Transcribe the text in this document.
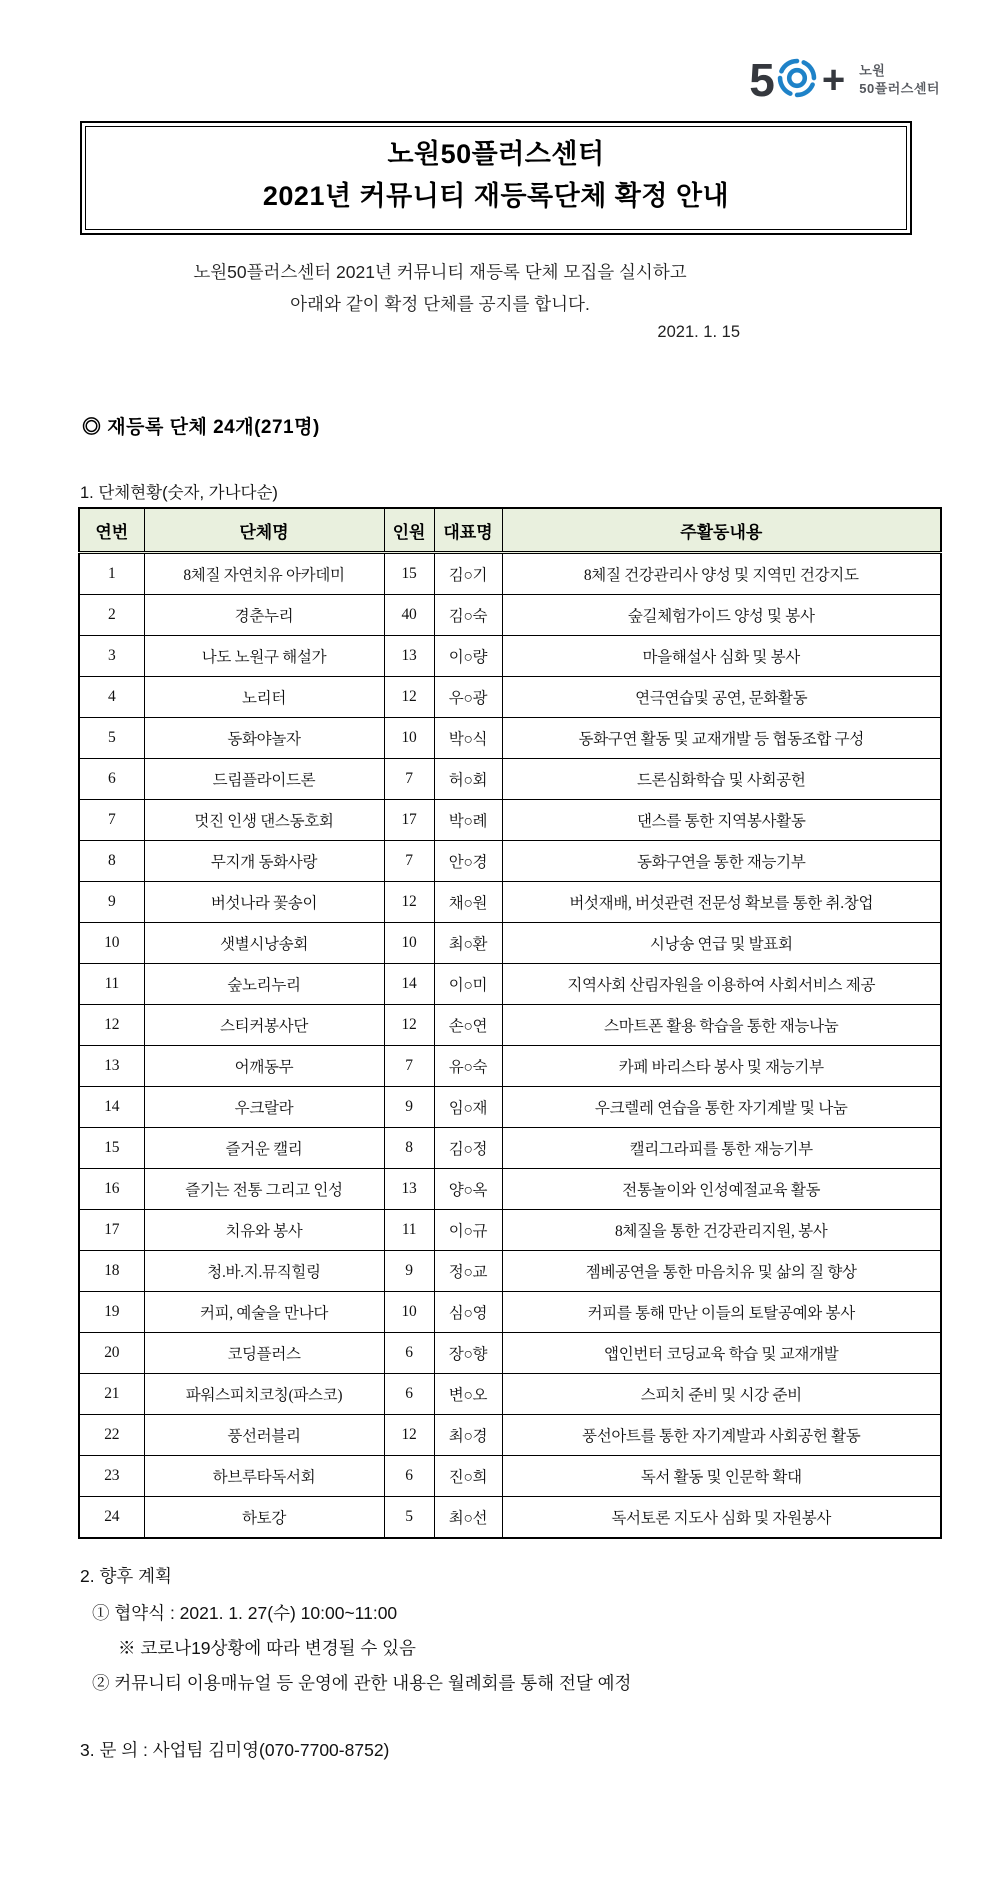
5 + 노원
50플러스센터
노원50플러스센터
2021년 커뮤니티 재등록단체 확정 안내
노원50플러스센터 2021년 커뮤니티 재등록 단체 모집을 실시하고
아래와 같이 확정 단체를 공지를 합니다.
2021. 1. 15
◎ 재등록 단체 24개(271명)
1. 단체현황(숫자, 가나다순)
연번	단체명	인원	대표명	주활동내용
1	8체질 자연치유 아카데미	15	김○기	8체질 건강관리사 양성 및 지역민 건강지도
2	경춘누리	40	김○숙	숲길체험가이드 양성 및 봉사
3	나도 노원구 해설가	13	이○량	마을해설사 심화 및 봉사
4	노리터	12	우○광	연극연습및 공연, 문화활동
5	동화야놀자	10	박○식	동화구연 활동 및 교재개발 등 협동조합 구성
6	드림플라이드론	7	허○회	드론심화학습 및 사회공헌
7	멋진 인생 댄스동호회	17	박○례	댄스를 통한 지역봉사활동
8	무지개 동화사랑	7	안○경	동화구연을 통한 재능기부
9	버섯나라 꽃송이	12	채○원	버섯재배, 버섯관련 전문성 확보를 통한 취.창업
10	샛별시낭송회	10	최○환	시낭송 연급 및 발표회
11	숲노리누리	14	이○미	지역사회 산림자원을 이용하여 사회서비스 제공
12	스티커봉사단	12	손○연	스마트폰 활용 학습을 통한 재능나눔
13	어깨동무	7	유○숙	카페 바리스타 봉사 및 재능기부
14	우크랄라	9	임○재	우크렐레 연습을 통한 자기계발 및 나눔
15	즐거운 캘리	8	김○정	캘리그라피를 통한 재능기부
16	즐기는 전통 그리고 인성	13	양○옥	전통놀이와 인성예절교육 활동
17	치유와 봉사	11	이○규	8체질을 통한 건강관리지원, 봉사
18	청.바.지.뮤직힐링	9	정○교	젬베공연을 통한 마음치유 및 삶의 질 향상
19	커피, 예술을 만나다	10	심○영	커피를 통해 만난 이들의 토탈공예와 봉사
20	코딩플러스	6	장○향	앱인번터 코딩교육 학습 및 교재개발
21	파워스피치코칭(파스코)	6	변○오	스피치 준비 및 시강 준비
22	풍선러블리	12	최○경	풍선아트를 통한 자기계발과 사회공헌 활동
23	하브루타독서회	6	진○희	독서 활동 및 인문학 확대
24	하토강	5	최○선	독서토론 지도사 심화 및 자원봉사
2. 향후 계획
① 협약식 : 2021. 1. 27(수) 10:00~11:00
※ 코로나19상황에 따라 변경될 수 있음
② 커뮤니티 이용매뉴얼 등 운영에 관한 내용은 월례회를 통해 전달 예정
3. 문 의 : 사업팀 김미영(070-7700-8752)
